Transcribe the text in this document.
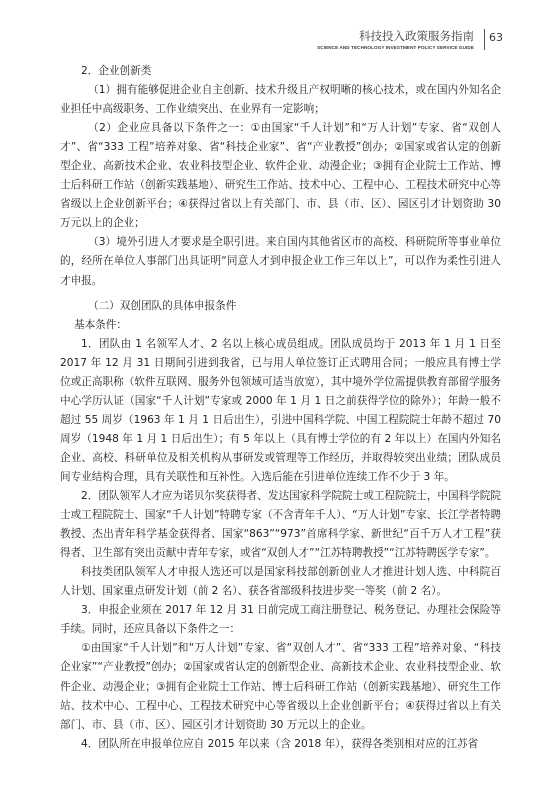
科技投入政策服务指南
SCIENCE AND TECHNOLOGY INVESTMENT POLICY SERVICE GUIDE
63

2．企业创新类

（1）拥有能够促进企业自主创新、技术升级且产权明晰的核心技术，或在国内外知名企业担任中高级职务、工作业绩突出、在业界有一定影响；

（2）企业应具备以下条件之一：①由国家“千人计划”和“万人计划”专家、省“双创人才”、省“333 工程”培养对象、省“科技企业家”、省“产业教授”创办；②国家或省认定的创新型企业、高新技术企业、农业科技型企业、软件企业、动漫企业；③拥有企业院士工作站、博士后科研工作站（创新实践基地）、研究生工作站、技术中心、工程中心、工程技术研究中心等省级以上企业创新平台；④获得过省以上有关部门、市、县（市、区）、园区引才计划资助 30 万元以上的企业；

（3）境外引进人才要求是全职引进。来自国内其他省区市的高校、科研院所等事业单位的，经所在单位人事部门出具证明“同意人才到申报企业工作三年以上”，可以作为柔性引进人才申报。

（二）双创团队的具体申报条件

基本条件：

1．团队由 1 名领军人才、2 名以上核心成员组成。团队成员均于 2013 年 1 月 1 日至 2017 年 12 月 31 日期间引进到我省，已与用人单位签订正式聘用合同；一般应具有博士学位或正高职称（软件互联网、服务外包领域可适当放宽），其中境外学位需提供教育部留学服务中心学历认证（国家“千人计划”专家或 2000 年 1 月 1 日之前获得学位的除外）；年龄一般不超过 55 周岁（1963 年 1 月 1 日后出生），引进中国科学院、中国工程院院士年龄不超过 70 周岁（1948 年 1 月 1 日后出生）；有 5 年以上（具有博士学位的有 2 年以上）在国内外知名企业、高校、科研单位及相关机构从事研发或管理等工作经历，并取得较突出业绩；团队成员间专业结构合理，具有关联性和互补性。入选后能在引进单位连续工作不少于 3 年。

2．团队领军人才应为诺贝尔奖获得者、发达国家科学院院士或工程院院士，中国科学院院士或工程院院士、国家“千人计划”特聘专家（不含青年千人）、“万人计划”专家、长江学者特聘教授、杰出青年科学基金获得者、国家“863”“973”首席科学家、新世纪“百千万人才工程”获得者、卫生部有突出贡献中青年专家，或省“双创人才”“江苏特聘教授”“江苏特聘医学专家”。

科技类团队领军人才申报人选还可以是国家科技部创新创业人才推进计划人选、中科院百人计划、国家重点研发计划（前 2 名）、获各省部级科技进步奖一等奖（前 2 名）。

3．申报企业须在 2017 年 12 月 31 日前完成工商注册登记、税务登记、办理社会保险等手续。同时，还应具备以下条件之一：

①由国家“千人计划”和“万人计划”专家、省“双创人才”、省“333 工程”培养对象、“科技企业家”“产业教授”创办；②国家或省认定的创新型企业、高新技术企业、农业科技型企业、软件企业、动漫企业；③拥有企业院士工作站、博士后科研工作站（创新实践基地）、研究生工作站、技术中心、工程中心、工程技术研究中心等省级以上企业创新平台；④获得过省以上有关部门、市、县（市、区）、园区引才计划资助 30 万元以上的企业。

4．团队所在申报单位应自 2015 年以来（含 2018 年），获得各类别相对应的江苏省
